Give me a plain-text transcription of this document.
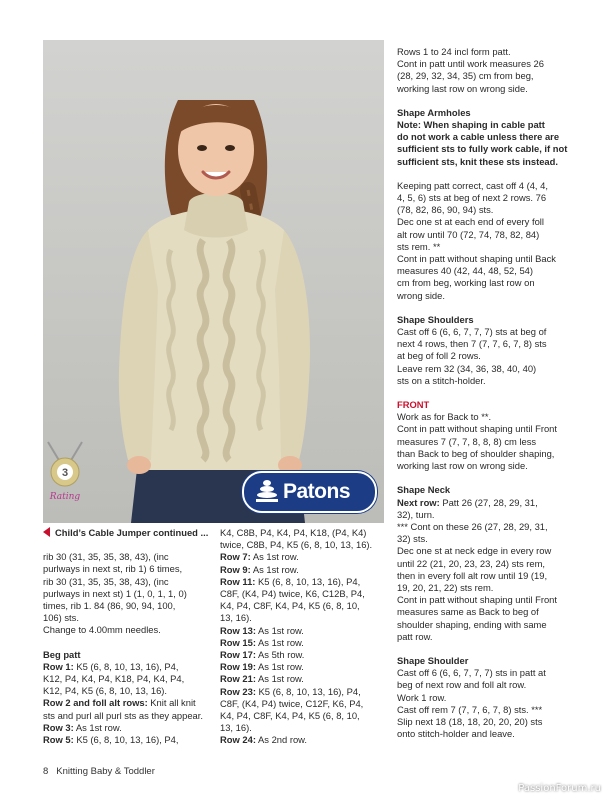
3
Rating	Patons

Child’s Cable Jumper continued ...

rib 30 (31, 35, 35, 38, 43), (inc

purlways in next st, rib 1) 6 times,

rib 30 (31, 35, 35, 38, 43), (inc

purlways in next st) 1 (1, 0, 1, 1, 0)

times, rib 1. 84 (86, 90, 94, 100,

106) sts.

Change to 4.00mm needles.

Beg patt

Row 1: K5 (6, 8, 10, 13, 16), P4,

K12, P4, K4, P4, K18, P4, K4, P4,

K12, P4, K5 (6, 8, 10, 13, 16).

Row 2 and foll alt rows: Knit all knit

sts and purl all purl sts as they appear.

Row 3: As 1st row.

Row 5: K5 (6, 8, 10, 13, 16), P4,

K4, C8B, P4, K4, P4, K18, (P4, K4)

twice, C8B, P4, K5 (6, 8, 10, 13, 16).

Row 7: As 1st row.

Row 9: As 1st row.

Row 11: K5 (6, 8, 10, 13, 16), P4,

C8F, (K4, P4) twice, K6, C12B, P4,

K4, P4, C8F, K4, P4, K5 (6, 8, 10,

13, 16).

Row 13: As 1st row.

Row 15: As 1st row.

Row 17: As 5th row.

Row 19: As 1st row.

Row 21: As 1st row.

Row 23: K5 (6, 8, 10, 13, 16), P4,

C8F, (K4, P4) twice, C12F, K6, P4,

K4, P4, C8F, K4, P4, K5 (6, 8, 10,

13, 16).

Row 24: As 2nd row.

Rows 1 to 24 incl form patt.

Cont in patt until work measures 26

(28, 29, 32, 34, 35) cm from beg,

working last row on wrong side.

Shape Armholes

Note: When shaping in cable patt

do not work a cable unless there are

sufficient sts to fully work cable, if not

sufficient sts, knit these sts instead.

Keeping patt correct, cast off 4 (4, 4,

4, 5, 6) sts at beg of next 2 rows. 76

(78, 82, 86, 90, 94) sts.

Dec one st at each end of every foll

alt row until 70 (72, 74, 78, 82, 84)

sts rem. **

Cont in patt without shaping until Back

measures 40 (42, 44, 48, 52, 54)

cm from beg, working last row on

wrong side.

Shape Shoulders

Cast off 6 (6, 6, 7, 7, 7) sts at beg of

next 4 rows, then 7 (7, 7, 6, 7, 8) sts

at beg of foll 2 rows.

Leave rem 32 (34, 36, 38, 40, 40)

sts on a stitch-holder.

FRONT

Work as for Back to **.

Cont in patt without shaping until Front

measures 7 (7, 7, 8, 8, 8) cm less

than Back to beg of shoulder shaping,

working last row on wrong side.

Shape Neck

Next row: Patt 26 (27, 28, 29, 31,

32), turn.

*** Cont on these 26 (27, 28, 29, 31,

32) sts.

Dec one st at neck edge in every row

until 22 (21, 20, 23, 23, 24) sts rem,

then in every foll alt row until 19 (19,

19, 20, 21, 22) sts rem.

Cont in patt without shaping until Front

measures same as Back to beg of

shoulder shaping, ending with same

patt row.

Shape Shoulder

Cast off 6 (6, 6, 7, 7, 7) sts in patt at

beg of next row and foll alt row.

Work 1 row.

Cast off rem 7 (7, 7, 6, 7, 8) sts. ***

Slip next 18 (18, 18, 20, 20, 20) sts

onto stitch-holder and leave.

8 Knitting Baby & Toddler
PassionForum.ru
